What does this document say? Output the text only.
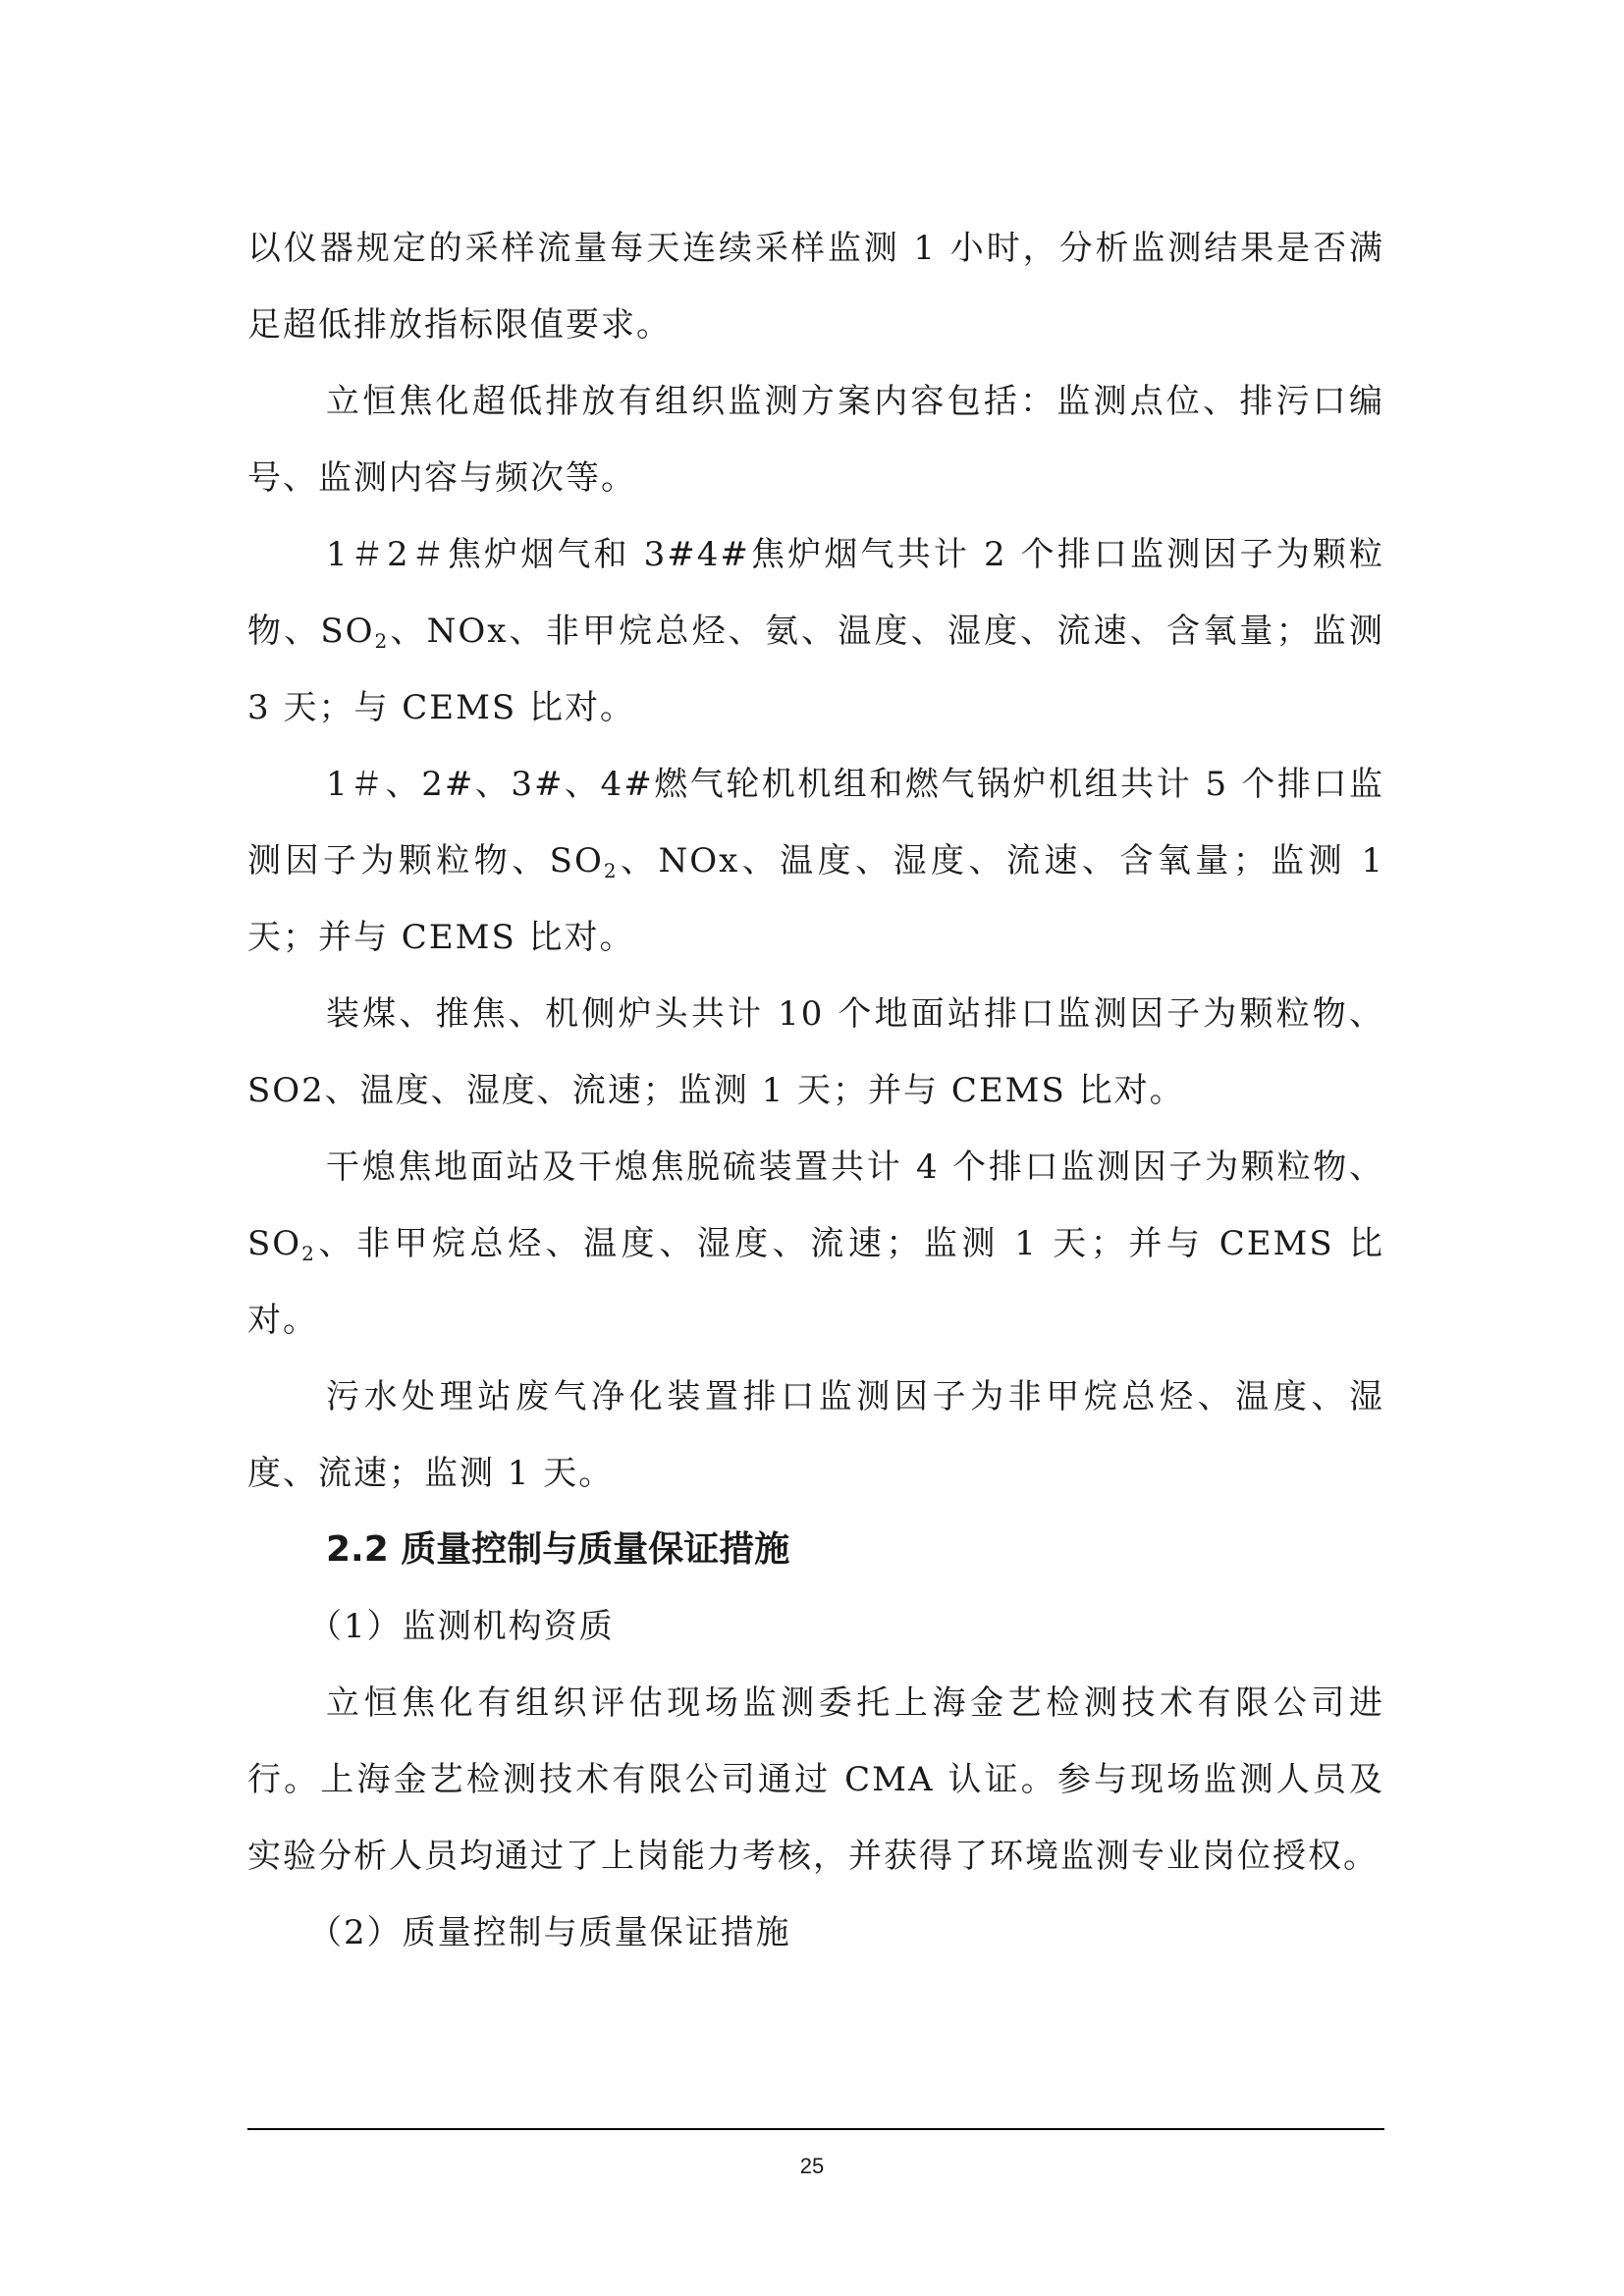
以仪器规定的采样流量每天连续采样监测 1 小时，分析监测结果是否满足超低排放指标限值要求。

立恒焦化超低排放有组织监测方案内容包括：监测点位、排污口编号、监测内容与频次等。

1＃2＃焦炉烟气和 3#4#焦炉烟气共计 2 个排口监测因子为颗粒物、$SO_2$、NOx、非甲烷总烃、氨、温度、湿度、流速、含氧量；监测 3 天；与 CEMS 比对。

1＃、2#、3#、4#燃气轮机机组和燃气锅炉机组共计 5 个排口监测因子为颗粒物、$SO_2$、NOx、温度、湿度、流速、含氧量；监测 1 天；并与 CEMS 比对。

装煤、推焦、机侧炉头共计 10 个地面站排口监测因子为颗粒物、SO2、温度、湿度、流速；监测 1 天；并与 CEMS 比对。

干熄焦地面站及干熄焦脱硫装置共计 4 个排口监测因子为颗粒物、$SO_2$、非甲烷总烃、温度、湿度、流速；监测 1 天；并与 CEMS 比对。

污水处理站废气净化装置排口监测因子为非甲烷总烃、温度、湿度、流速；监测 1 天。

2.2 质量控制与质量保证措施

（1）监测机构资质

立恒焦化有组织评估现场监测委托上海金艺检测技术有限公司进行。上海金艺检测技术有限公司通过 CMA 认证。参与现场监测人员及实验分析人员均通过了上岗能力考核，并获得了环境监测专业岗位授权。

（2）质量控制与质量保证措施

25
